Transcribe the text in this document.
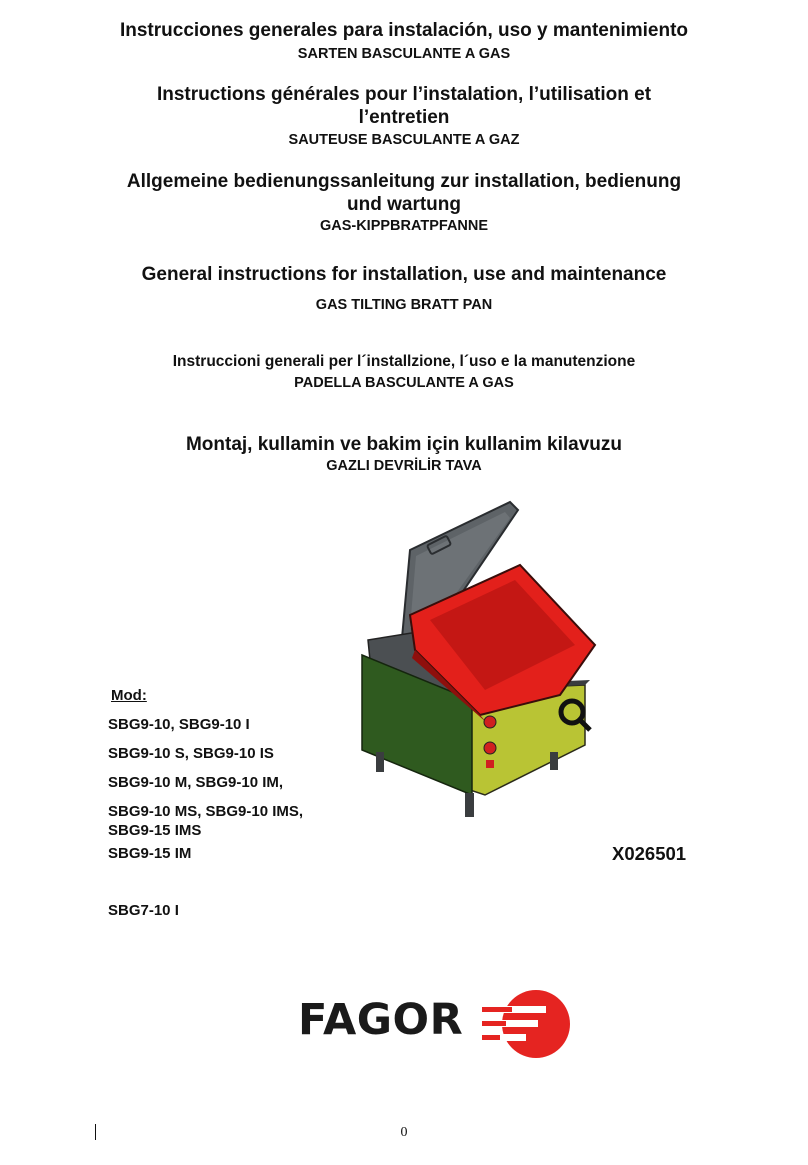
Instrucciones generales para instalación, uso y mantenimiento
SARTEN BASCULANTE A GAS
Instructions générales pour l’instalation, l’utilisation et
l’entretien
SAUTEUSE BASCULANTE A GAZ
Allgemeine bedienungssanleitung zur installation, bedienung
und wartung
GAS-KIPPBRATPFANNE
General instructions for installation, use and maintenance
GAS TILTING BRATT PAN
Instruccioni generali per l´installzione, l´uso e la manutenzione
PADELLA BASCULANTE A GAS
Montaj, kullamin ve bakim için kullanim kilavuzu
GAZLI DEVRİLİR TAVA
Mod:
SBG9-10, SBG9-10 I
SBG9-10 S, SBG9-10 IS
SBG9-10 M, SBG9-10 IM,
SBG9-10 MS, SBG9-10 IMS,
SBG9-15 IMS
SBG9-15 IM
SBG7-10 I
X026501
FAGOR
0
